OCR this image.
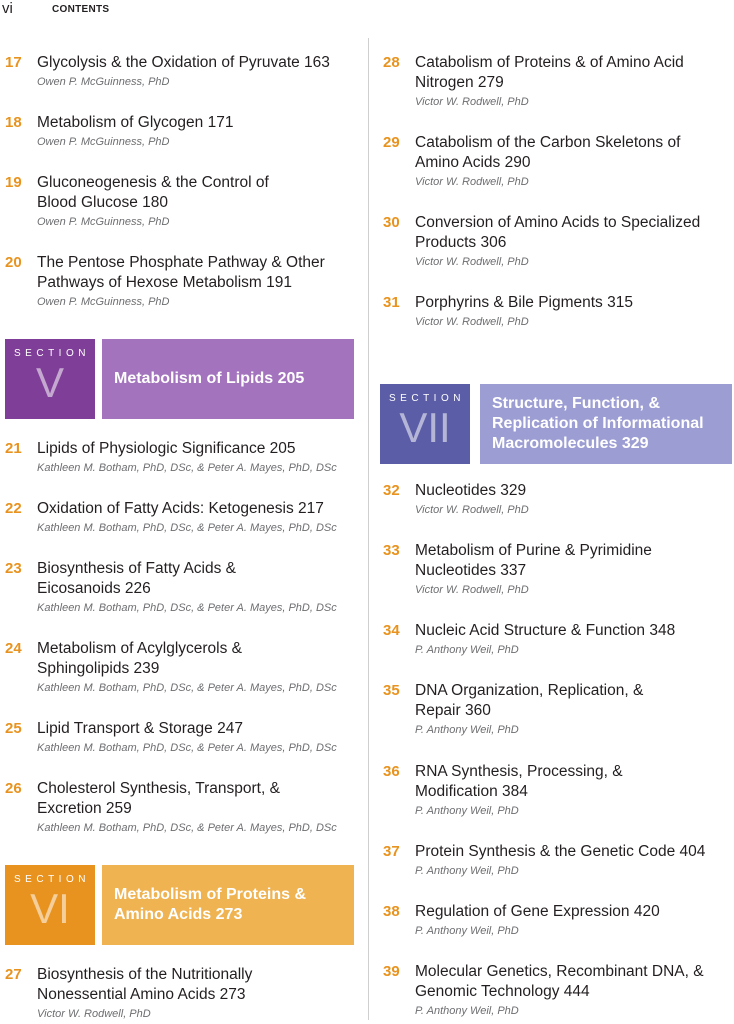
vi	CONTENTS
17 Glycolysis & the Oxidation of Pyruvate 163
Owen P. McGuinness, PhD
18 Metabolism of Glycogen 171
Owen P. McGuinness, PhD
19 Gluconeogenesis & the Control of
Blood Glucose 180
Owen P. McGuinness, PhD
20 The Pentose Phosphate Pathway & Other
Pathways of Hexose Metabolism 191
Owen P. McGuinness, PhD
SECTION
V	Metabolism of Lipids 205
21 Lipids of Physiologic Significance 205
Kathleen M. Botham, PhD, DSc, & Peter A. Mayes, PhD, DSc
22 Oxidation of Fatty Acids: Ketogenesis 217
Kathleen M. Botham, PhD, DSc, & Peter A. Mayes, PhD, DSc
23 Biosynthesis of Fatty Acids &
Eicosanoids 226
Kathleen M. Botham, PhD, DSc, & Peter A. Mayes, PhD, DSc
24 Metabolism of Acylglycerols &
Sphingolipids 239
Kathleen M. Botham, PhD, DSc, & Peter A. Mayes, PhD, DSc
25 Lipid Transport & Storage 247
Kathleen M. Botham, PhD, DSc, & Peter A. Mayes, PhD, DSc
26 Cholesterol Synthesis, Transport, &
Excretion 259
Kathleen M. Botham, PhD, DSc, & Peter A. Mayes, PhD, DSc
SECTION
VI	Metabolism of Proteins &
Amino Acids 273
27 Biosynthesis of the Nutritionally
Nonessential Amino Acids 273
Victor W. Rodwell, PhD
28 Catabolism of Proteins & of Amino Acid
Nitrogen 279
Victor W. Rodwell, PhD
29 Catabolism of the Carbon Skeletons of
Amino Acids 290
Victor W. Rodwell, PhD
30 Conversion of Amino Acids to Specialized
Products 306
Victor W. Rodwell, PhD
31 Porphyrins & Bile Pigments 315
Victor W. Rodwell, PhD
SECTION
VII
Structure, Function, &
Replication of Informational
Macromolecules 329
32 Nucleotides 329
Victor W. Rodwell, PhD
33 Metabolism of Purine & Pyrimidine
Nucleotides 337
Victor W. Rodwell, PhD
34 Nucleic Acid Structure & Function 348
P. Anthony Weil, PhD
35 DNA Organization, Replication, &
Repair 360
P. Anthony Weil, PhD
36 RNA Synthesis, Processing, &
Modification 384
P. Anthony Weil, PhD
37 Protein Synthesis & the Genetic Code 404
P. Anthony Weil, PhD
38 Regulation of Gene Expression 420
P. Anthony Weil, PhD
39 Molecular Genetics, Recombinant DNA, &
Genomic Technology 444
P. Anthony Weil, PhD
